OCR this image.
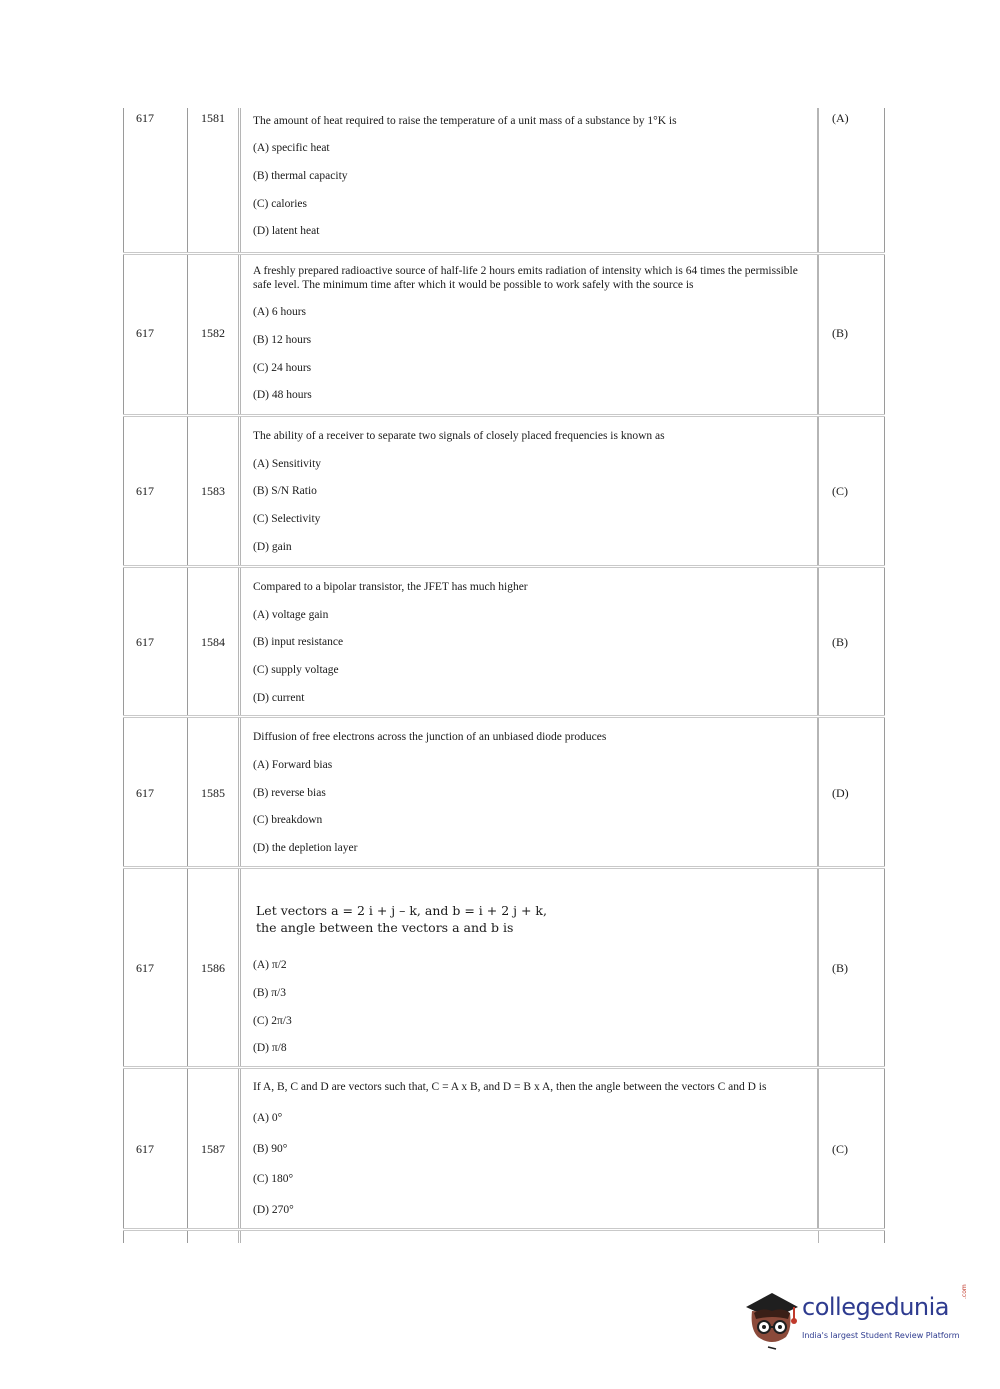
617	1581 The amount of heat required to raise the temperature of a unit mass of a substance by 1°K is
(A) specific heat
(B) thermal capacity
(C) calories
(D) latent heat
(A)
617	1582
A freshly prepared radioactive source of half-life 2 hours emits radiation of intensity which is 64 times the permissible safe level. The minimum time after which it would be possible to work safely with the source is
(A) 6 hours
(B) 12 hours
(C) 24 hours
(D) 48 hours
(B)
617	1583
The ability of a receiver to separate two signals of closely placed frequencies is known as
(A) Sensitivity
(B) S/N Ratio
(C) Selectivity
(D) gain
(C)
617	1584
Compared to a bipolar transistor, the JFET has much higher
(A) voltage gain
(B) input resistance
(C) supply voltage
(D) current
(B)
617	1585
Diffusion of free electrons across the junction of an unbiased diode produces
(A) Forward bias
(B) reverse bias
(C) breakdown
(D) the depletion layer
(D)
617	1586
Let vectors a = 2 i + j – k, and b = i + 2 j + k,
the angle between the vectors a and b is
(A) π/2
(B) π/3
(C) 2π/3
(D) π/8
(B)
617	1587
If A, B, C and D are vectors such that, C = A x B, and D = B x A, then the angle between the vectors C and D is
(A) 0°
(B) 90°
(C) 180°
(D) 270°
(C)
collegedunia
.com
India's largest Student Review Platform
